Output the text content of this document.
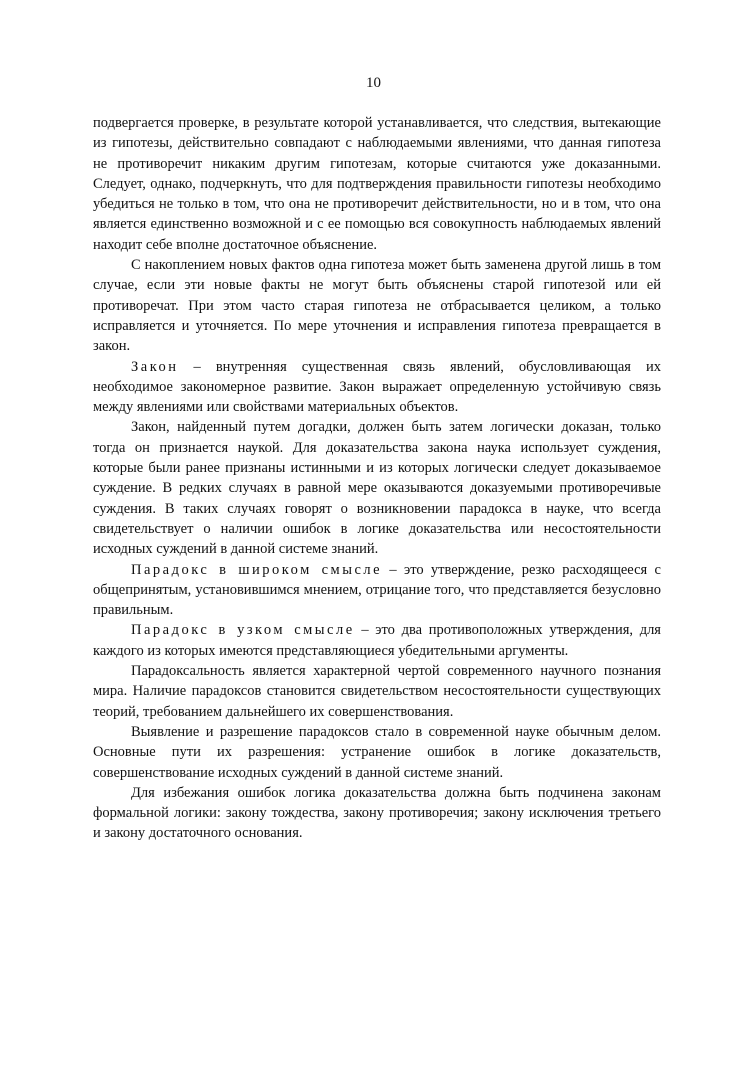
10

подвергается проверке, в результате которой устанавливается, что следствия, вытекающие из гипотезы, действительно совпадают с наблюдаемыми явлениями, что данная гипотеза не противоречит никаким другим гипотезам, которые считаются уже доказанными. Следует, однако, подчеркнуть, что для подтверждения правильности гипотезы необходимо убедиться не только в том, что она не противоречит действительности, но и в том, что она является единственно возможной и с ее помощью вся совокупность наблюдаемых явлений находит себе вполне достаточное объяснение.

С накоплением новых фактов одна гипотеза может быть заменена другой лишь в том случае, если эти новые факты не могут быть объяснены старой гипотезой или ей противоречат. При этом часто старая гипотеза не отбрасывается целиком, а только исправляется и уточняется. По мере уточнения и исправления гипотеза превращается в закон.

Закон – внутренняя существенная связь явлений, обусловливающая их необходимое закономерное развитие. Закон выражает определенную устойчивую связь между явлениями или свойствами материальных объектов.

Закон, найденный путем догадки, должен быть затем логически доказан, только тогда он признается наукой. Для доказательства закона наука использует суждения, которые были ранее признаны истинными и из которых логически следует доказываемое суждение. В редких случаях в равной мере оказываются доказуемыми противоречивые суждения. В таких случаях говорят о возникновении парадокса в науке, что всегда свидетельствует о наличии ошибок в логике доказательства или несостоятельности исходных суждений в данной системе знаний.

Парадокс в широком смысле – это утверждение, резко расходящееся с общепринятым, установившимся мнением, отрицание того, что представляется безусловно правильным.

Парадокс в узком смысле – это два противоположных утверждения, для каждого из которых имеются представляющиеся убедительными аргументы.

Парадоксальность является характерной чертой современного научного познания мира. Наличие парадоксов становится свидетельством несостоятельности существующих теорий, требованием дальнейшего их совершенствования.

Выявление и разрешение парадоксов стало в современной науке обычным делом. Основные пути их разрешения: устранение ошибок в логике доказательств, совершенствование исходных суждений в данной системе знаний.

Для избежания ошибок логика доказательства должна быть подчинена законам формальной логики: закону тождества, закону противоречия; закону исключения третьего и закону достаточного основания.
